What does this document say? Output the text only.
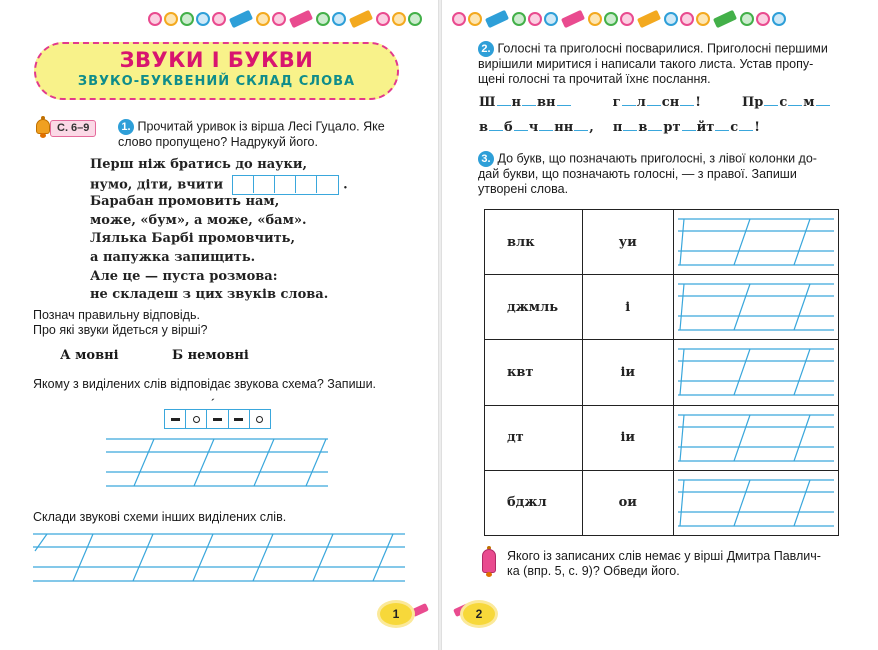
ЗВУКИ І БУКВИ
ЗВУКО-БУКВЕНИЙ СКЛАД СЛОВА
С. 6–9	1. Прочитай уривок із вірша Лесі Гуцало. Яке
слово пропущено? Надрукуй його.
Перш ніж братись до науки,
нумо, діти, вчити	.
Барабан промовить нам,
може, «бум», а може, «бам».
Лялька Барбі промовчить,
а папужка запищить.
Але це — пуста розмова:
не складеш з цих звуків слова.
Познач правильну відповідь.
Про які звуки йдеться у вірші?
А мовні	Б немовні
Якому з виділених слів відповідає звукова схема? Запиши.
´
Склади звукові схеми інших виділених слів.
1
2. Голосні та приголосні посварилися. Приголосні першими
вирішили миритися і написали такого листа. Устав пропу-
щені голосні та прочитай їхнє послання.
Ш н вн	г л сн !	Пр с м
в б ч нн , п в рт йт с !
3. До букв, що позначають приголосні, з лівої колонки до-
дай букви, що позначають голосні, — з правої. Запиши
утворені слова.
влк	уи	

джмль	і	

квт	іи	

дт	іи	

бджл	ои	
Якого із записаних слів немає у вірші Дмитра Павлич-
ка (впр. 5, с. 9)? Обведи його.
2
